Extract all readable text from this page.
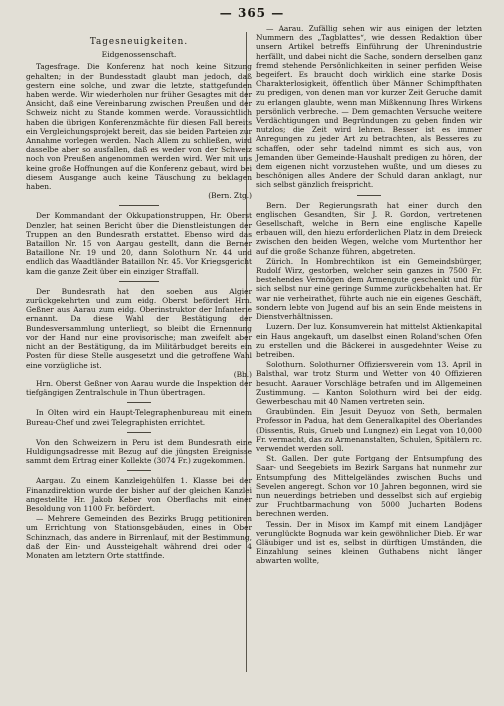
— 365 —
Tagesneuigkeiten.
Eidgenossenschaft.

Tagesfrage. Die Konferenz hat noch keine Sitzung gehalten; in der Bundesstadt glaubt man jedoch, daß gestern eine solche, und zwar die letzte, stattgefunden haben werde. Wir wiederholen nur früher Gesagtes mit der Ansicht, daß eine Vereinbarung zwischen Preußen und der Schweiz nicht zu Stande kommen werde. Voraussichtlich haben die übrigen Konferenzmächte für diesen Fall bereits ein Vergleichungsprojekt bereit, das sie beiden Parteien zur Annahme vorlegen werden. Nach Allem zu schließen, wird dasselbe aber so ausfallen, daß es weder von der Schweiz noch von Preußen angenommen werden wird. Wer mit uns keine große Hoffnungen auf die Konferenz gebaut, wird bei diesem Ausgange auch keine Täuschung zu beklagen haben.

(Bern. Ztg.)

Der Kommandant der Okkupationstruppen, Hr. Oberst Denzler, hat seinen Bericht über die Dienstleistungen der Truppen an den Bundesrath erstattet. Ebenso wird das Bataillon Nr. 15 von Aargau gestellt, dann die Berner Bataillone Nr. 19 und 20, dann Solothurn Nr. 44 und endlich das Waadtländer Bataillon Nr. 45. Vor Kriegsgericht kam die ganze Zeit über ein einziger Straffall.

Der Bundesrath hat den soeben aus Algier zurückgekehrten und zum eidg. Oberst befördert Hrn. Geßner aus Aarau zum eidg. Oberinstruktor der Infanterie ernannt. Da diese Wahl der Bestätigung der Bundesversammlung unterliegt, so bleibt die Ernennung vor der Hand nur eine provisorische; man zweifelt aber nicht an der Bestätigung, da im Militärbudget bereits ein Posten für diese Stelle ausgesetzt und die getroffene Wahl eine vorzügliche ist.

(Bb.)

Hrn. Oberst Geßner von Aarau wurde die Inspektion der tiefgängigen Zentralschule in Thun übertragen.

In Olten wird ein Haupt-Telegraphenbureau mit einem Bureau-Chef und zwei Telegraphisten errichtet.

Von den Schweizern in Peru ist dem Bundesrath eine Huldigungsadresse mit Bezug auf die jüngsten Ereignisse sammt dem Ertrag einer Kollekte (3074 Fr.) zugekommen.

Aargau. Zu einem Kanzleigehülfen 1. Klasse bei der Finanzdirektion wurde der bisher auf der gleichen Kanzlei angestellte Hr. Jakob Keber von Oberflachs mit einer Besoldung von 1100 Fr. befördert.

— Mehrere Gemeinden des Bezirks Brugg petitioniren um Errichtung von Stationsgebäuden, eines in Ober Schinznach, das andere in Birrenlauf, mit der Bestimmung, daß der Ein- und Aussteigehalt während drei oder 4 Monaten am letztern Orte stattfinde.

— Aarau. Zufällig sehen wir aus einigen der letzten Nummern des „Tagblattes“, wie dessen Redaktion über unsern Artikel betreffs Einführung der Uhrenindustrie herfällt, und dabei nicht die Sache, sondern derselben ganz fremd stehende Persönlichkeiten in seiner perfiden Weise begeifert. Es braucht doch wirklich eine starke Dosis Charakterlosigkeit, öffentlich über Männer Schimpfthaten zu predigen, von denen man vor kurzer Zeit Geruche damit zu erlangen glaubte, wenn man Mißkennung Ihres Wirkens persönlich verbreche. — Dem gemachten Versuche weitere Verdächtigungen und Begründungen zu geben finden wir nutzlos; die Zeit wird lehren. Besser ist es immer Anregungen zu jeder Art zu betrachten, als Besseres zu schaffen, oder sehr tadelnd nimmt es sich aus, von Jemanden über Gemeinde-Haushalt predigen zu hören, der dem eigenen nicht vorzustehen wußte, und um dieses zu beschönigen alles Andere der Schuld daran anklagt, nur sich selbst gänzlich freispricht.

Bern. Der Regierungsrath hat einer durch den englischen Gesandten, Sir J. R. Gordon, vertretenen Gesellschaft, welche in Bern eine englische Kapelle erbauen will, den hiezu erforderlichen Platz in dem Dreieck zwischen den beiden Wegen, welche vom Murtenthor her auf die große Schanze führen, abgetreten.

Zürich. In Hombrechtikon ist ein Gemeindsbürger, Rudolf Wirz, gestorben, welcher sein ganzes in 7500 Fr. bestehendes Vermögen dem Armengute geschenkt und für sich selbst nur eine geringe Summe zurückbehalten hat. Er war nie verheirathet, führte auch nie ein eigenes Geschäft, sondern lebte von Jugend auf bis an sein Ende meistens in Dienstverhältnissen.

Luzern. Der luz. Konsumverein hat mittelst Aktienkapital ein Haus angekauft, um daselbst einen Roland'schen Ofen zu erstellen und die Bäckerei in ausgedehnter Weise zu betreiben.

Solothurn. Solothurner Offiziersverein vom 13. April in Balsthal, war trotz Sturm und Wetter von 40 Offizieren besucht. Aarauer Vorschläge betrafen und im Allgemeinen Zustimmung. — Kanton Solothurn wird bei der eidg. Gewerbeschau mit 40 Namen vertreten sein.

Graubünden. Ein Jesuit Deyuoz von Seth, bermalen Professor in Padua, hat dem Generalkapitel des Oberlandes (Dissentis, Ruis, Grueb und Lungnez) ein Legat von 10,000 Fr. vermacht, das zu Armenanstalten, Schulen, Spitälern rc. verwendet werden soll.

St. Gallen. Der gute Fortgang der Entsumpfung des Saar- und Seegebiets im Bezirk Sargans hat nunmehr zur Entsumpfung des Mittelgeländes zwischen Buchs und Sevelen angeregt. Schon vor 10 Jahren begonnen, wird sie nun neuerdings betrieben und desselbst sich auf ergiebig zur Fruchtbarmachung von 5000 Jucharten Bodens berechnen werden.

Tessin. Der in Misox im Kampf mit einem Landjäger verunglückte Bognuda war kein gewöhnlicher Dieb. Er war Gläubiger und ist es, selbst in dürftigen Umständen, die Einzahlung seines kleinen Guthabens nicht länger abwarten wollte,
